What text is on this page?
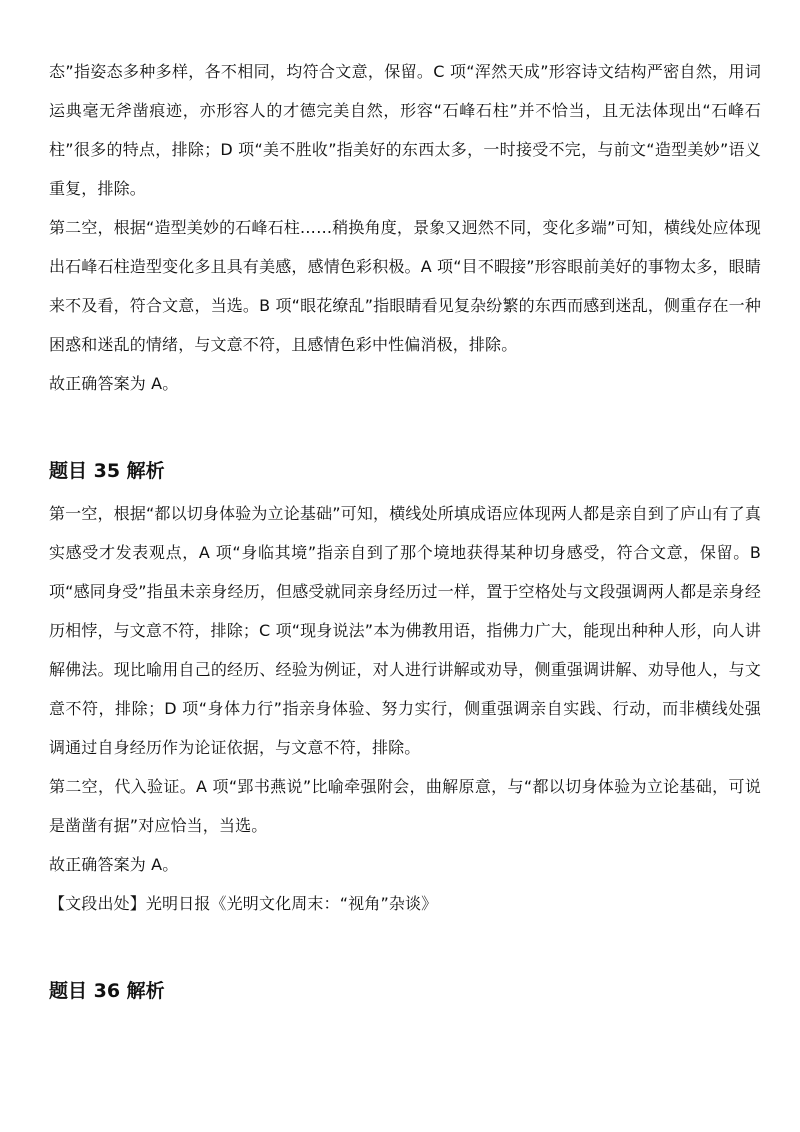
态”指姿态多种多样，各不相同，均符合文意，保留。C 项“浑然天成”形容诗文结构严密自然，用词运典毫无斧凿痕迹，亦形容人的才德完美自然，形容“石峰石柱”并不恰当，且无法体现出“石峰石柱”很多的特点，排除；D 项“美不胜收”指美好的东西太多，一时接受不完，与前文“造型美妙”语义重复，排除。

第二空，根据“造型美妙的石峰石柱……稍换角度，景象又迥然不同，变化多端”可知，横线处应体现出石峰石柱造型变化多且具有美感，感情色彩积极。A 项“目不暇接”形容眼前美好的事物太多，眼睛来不及看，符合文意，当选。B 项“眼花缭乱”指眼睛看见复杂纷繁的东西而感到迷乱，侧重存在一种困惑和迷乱的情绪，与文意不符，且感情色彩中性偏消极，排除。

故正确答案为 A。

题目 35 解析

第一空，根据“都以切身体验为立论基础”可知，横线处所填成语应体现两人都是亲自到了庐山有了真实感受才发表观点，A 项“身临其境”指亲自到了那个境地获得某种切身感受，符合文意，保留。B 项“感同身受”指虽未亲身经历，但感受就同亲身经历过一样，置于空格处与文段强调两人都是亲身经历相悖，与文意不符，排除；C 项“现身说法”本为佛教用语，指佛力广大，能现出种种人形，向人讲解佛法。现比喻用自己的经历、经验为例证，对人进行讲解或劝导，侧重强调讲解、劝导他人，与文意不符，排除；D 项“身体力行”指亲身体验、努力实行，侧重强调亲自实践、行动，而非横线处强调通过自身经历作为论证依据，与文意不符，排除。

第二空，代入验证。A 项“郢书燕说”比喻牵强附会，曲解原意，与“都以切身体验为立论基础，可说是凿凿有据”对应恰当，当选。

故正确答案为 A。

【文段出处】光明日报《光明文化周末：“视角”杂谈》

题目 36 解析
